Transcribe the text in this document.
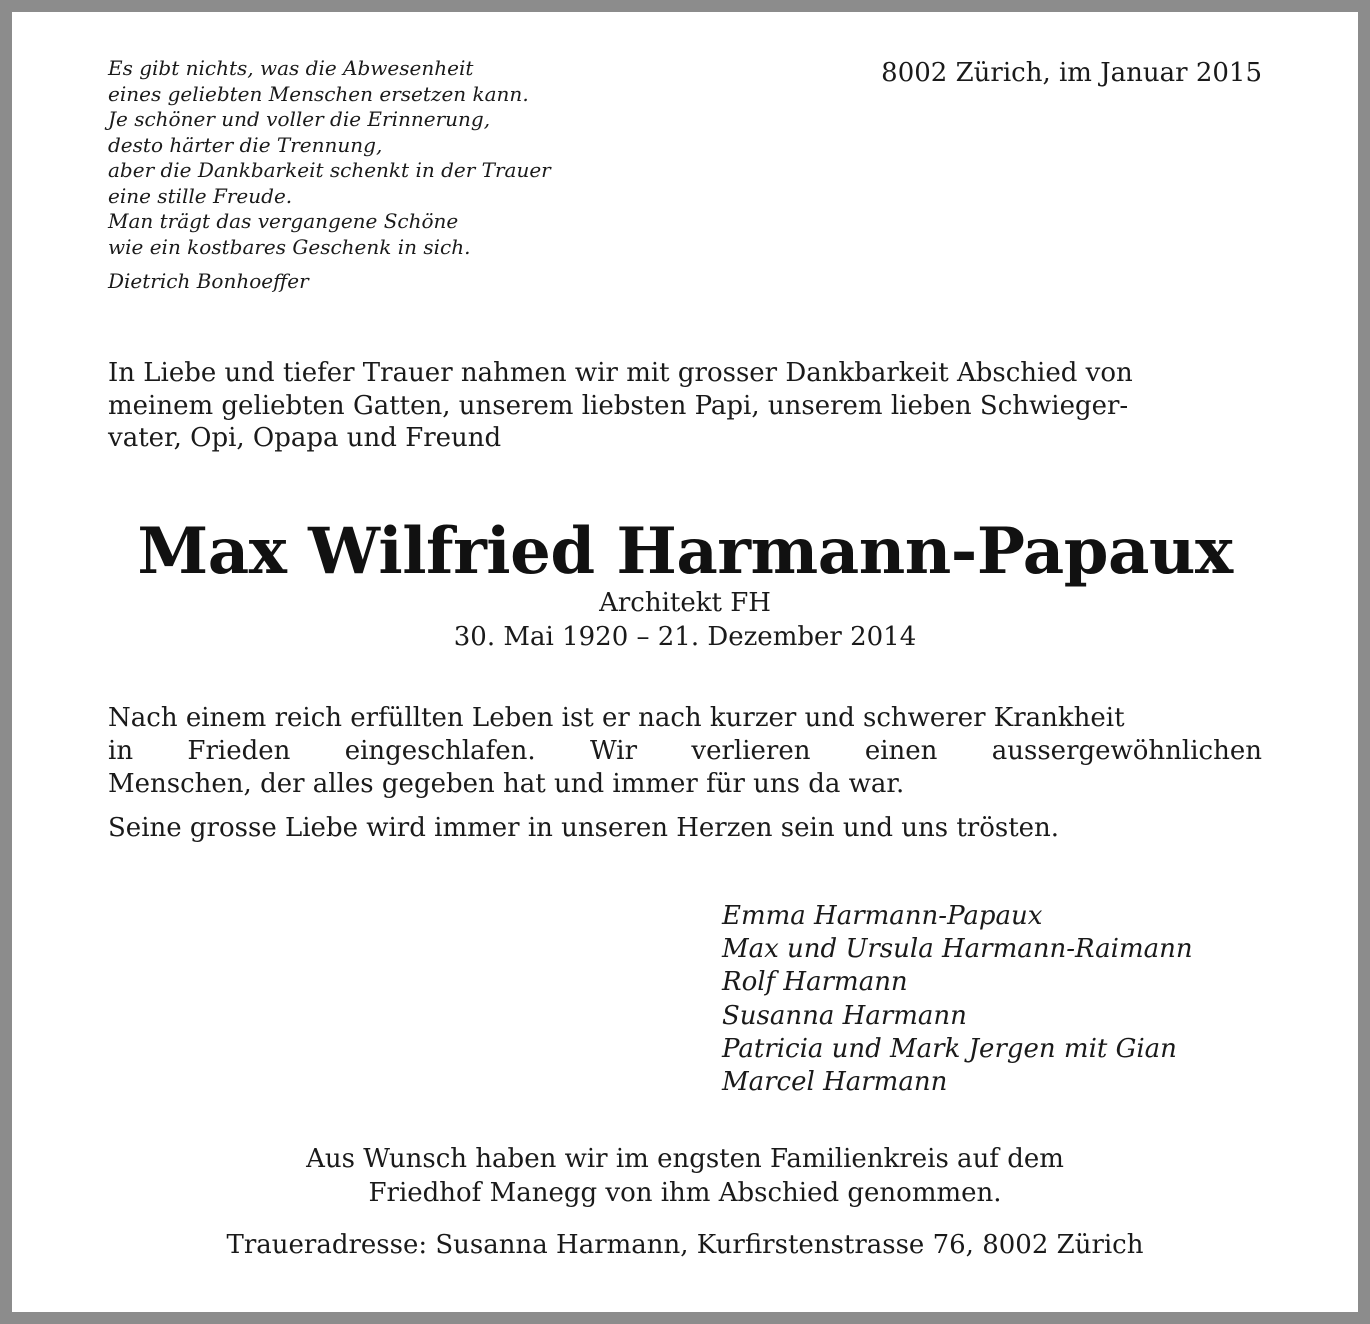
Es gibt nichts, was die Abwesenheit
eines geliebten Menschen ersetzen kann.
Je schöner und voller die Erinnerung,
desto härter die Trennung,
aber die Dankbarkeit schenkt in der Trauer
eine stille Freude.
Man trägt das vergangene Schöne
wie ein kostbares Geschenk in sich.
Dietrich Bonhoeffer
8002 Zürich, im Januar 2015
In Liebe und tiefer Trauer nahmen wir mit grosser Dankbarkeit Abschied von
meinem geliebten Gatten, unserem liebsten Papi, unserem lieben Schwieger-
vater, Opi, Opapa und Freund
Max Wilfried Harmann-Papaux
Architekt FH
30. Mai 1920 – 21. Dezember 2014
Nach einem reich erfüllten Leben ist er nach kurzer und schwerer Krankheit
in Frieden eingeschlafen. Wir verlieren einen aussergewöhnlichen
Menschen, der alles gegeben hat und immer für uns da war.
Seine grosse Liebe wird immer in unseren Herzen sein und uns trösten.
Emma Harmann-Papaux
Max und Ursula Harmann-Raimann
Rolf Harmann
Susanna Harmann
Patricia und Mark Jergen mit Gian
Marcel Harmann
Aus Wunsch haben wir im engsten Familienkreis auf dem
Friedhof Manegg von ihm Abschied genommen.
Traueradresse: Susanna Harmann, Kurfirstenstrasse 76, 8002 Zürich
